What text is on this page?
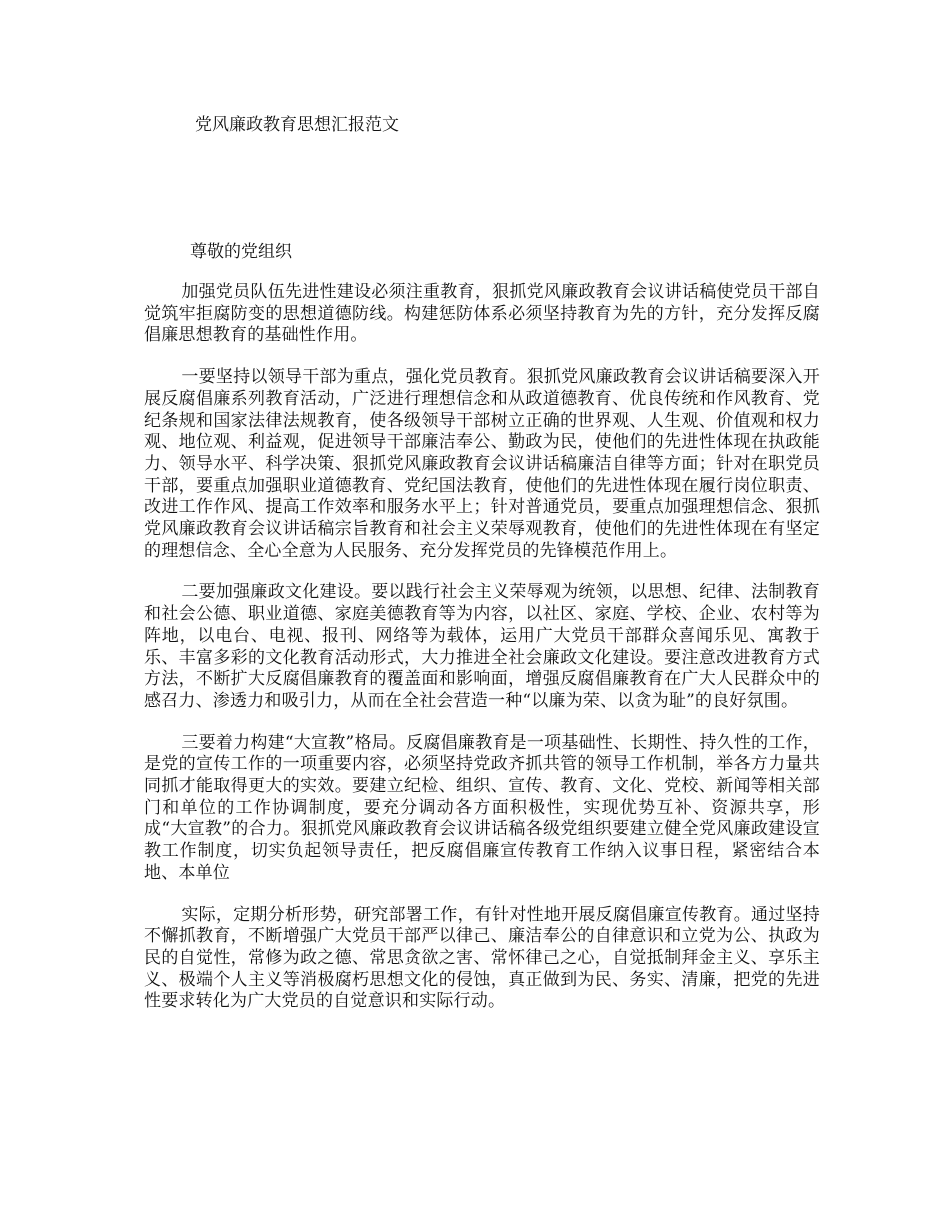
党风廉政教育思想汇报范文

尊敬的党组织

加强党员队伍先进性建设必须注重教育，狠抓党风廉政教育会议讲话稿使党员干部自觉筑牢拒腐防变的思想道德防线。构建惩防体系必须坚持教育为先的方针，充分发挥反腐倡廉思想教育的基础性作用。

一要坚持以领导干部为重点，强化党员教育。狠抓党风廉政教育会议讲话稿要深入开展反腐倡廉系列教育活动，广泛进行理想信念和从政道德教育、优良传统和作风教育、党纪条规和国家法律法规教育，使各级领导干部树立正确的世界观、人生观、价值观和权力观、地位观、利益观，促进领导干部廉洁奉公、勤政为民，使他们的先进性体现在执政能力、领导水平、科学决策、狠抓党风廉政教育会议讲话稿廉洁自律等方面；针对在职党员干部，要重点加强职业道德教育、党纪国法教育，使他们的先进性体现在履行岗位职责、改进工作作风、提高工作效率和服务水平上；针对普通党员，要重点加强理想信念、狠抓党风廉政教育会议讲话稿宗旨教育和社会主义荣辱观教育，使他们的先进性体现在有坚定的理想信念、全心全意为人民服务、充分发挥党员的先锋模范作用上。

二要加强廉政文化建设。要以践行社会主义荣辱观为统领，以思想、纪律、法制教育和社会公德、职业道德、家庭美德教育等为内容，以社区、家庭、学校、企业、农村等为阵地，以电台、电视、报刊、网络等为载体，运用广大党员干部群众喜闻乐见、寓教于乐、丰富多彩的文化教育活动形式，大力推进全社会廉政文化建设。要注意改进教育方式方法，不断扩大反腐倡廉教育的覆盖面和影响面，增强反腐倡廉教育在广大人民群众中的感召力、渗透力和吸引力，从而在全社会营造一种“以廉为荣、以贪为耻”的良好氛围。

三要着力构建“大宣教”格局。反腐倡廉教育是一项基础性、长期性、持久性的工作，是党的宣传工作的一项重要内容，必须坚持党政齐抓共管的领导工作机制，举各方力量共同抓才能取得更大的实效。要建立纪检、组织、宣传、教育、文化、党校、新闻等相关部门和单位的工作协调制度，要充分调动各方面积极性，实现优势互补、资源共享，形成“大宣教”的合力。狠抓党风廉政教育会议讲话稿各级党组织要建立健全党风廉政建设宣教工作制度，切实负起领导责任，把反腐倡廉宣传教育工作纳入议事日程，紧密结合本地、本单位

实际，定期分析形势，研究部署工作，有针对性地开展反腐倡廉宣传教育。通过坚持不懈抓教育，不断增强广大党员干部严以律己、廉洁奉公的自律意识和立党为公、执政为民的自觉性，常修为政之德、常思贪欲之害、常怀律己之心，自觉抵制拜金主义、享乐主义、极端个人主义等消极腐朽思想文化的侵蚀，真正做到为民、务实、清廉，把党的先进性要求转化为广大党员的自觉意识和实际行动。
